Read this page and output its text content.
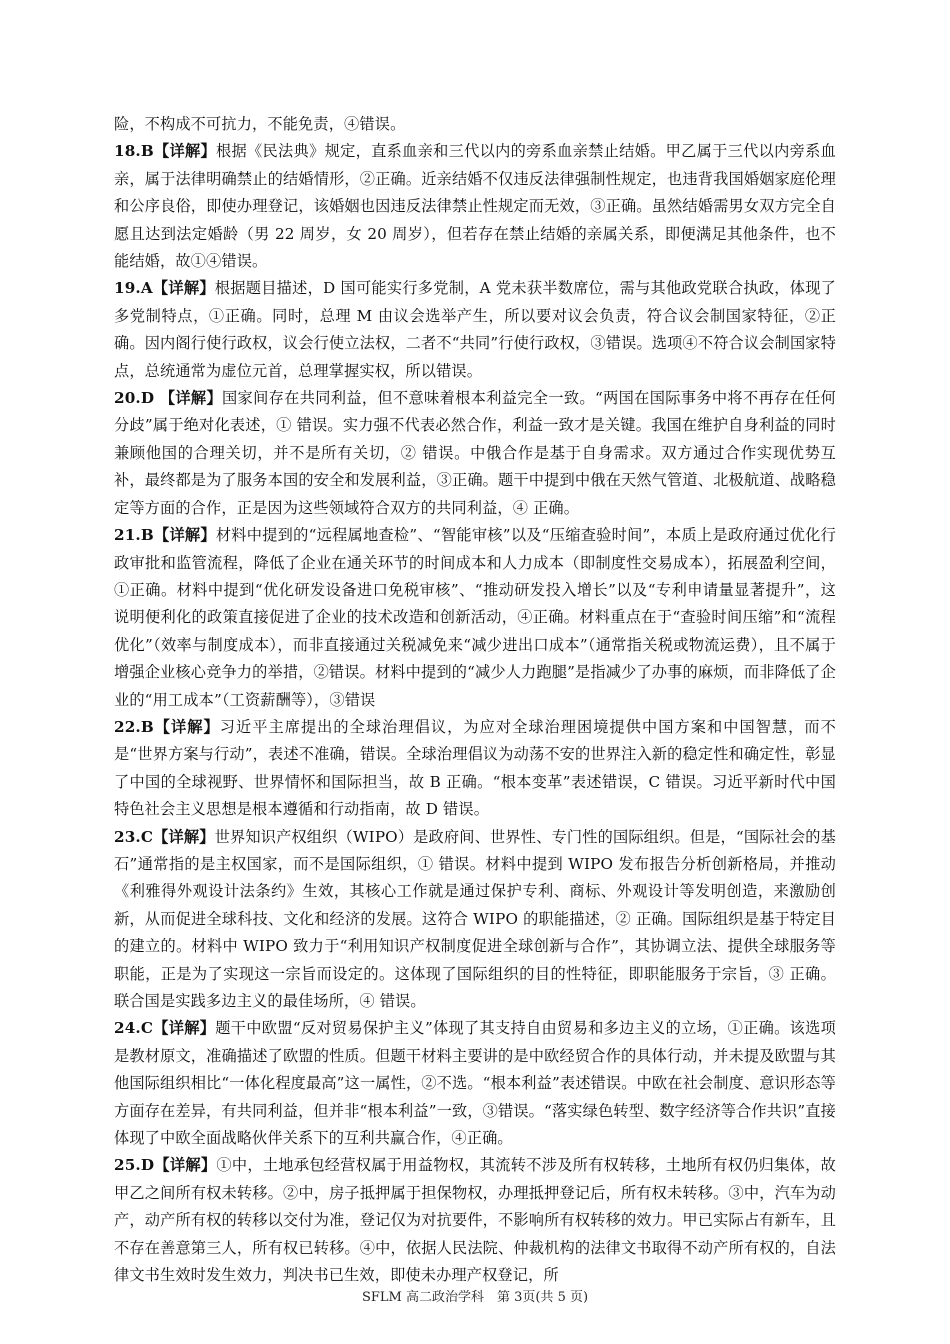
险，不构成不可抗力，不能免责，④错误。

18.B【详解】根据《民法典》规定，直系血亲和三代以内的旁系血亲禁止结婚。甲乙属于三代以内旁系血亲，属于法律明确禁止的结婚情形，②正确。近亲结婚不仅违反法律强制性规定，也违背我国婚姻家庭伦理和公序良俗，即使办理登记，该婚姻也因违反法律禁止性规定而无效，③正确。虽然结婚需男女双方完全自愿且达到法定婚龄（男 22 周岁，女 20 周岁），但若存在禁止结婚的亲属关系，即便满足其他条件，也不能结婚，故①④错误。

19.A【详解】根据题目描述，D 国可能实行多党制，A 党未获半数席位，需与其他政党联合执政，体现了多党制特点，①正确。同时，总理 M 由议会选举产生，所以要对议会负责，符合议会制国家特征，②正确。因内阁行使行政权，议会行使立法权，二者不“共同”行使行政权，③错误。选项④不符合议会制国家特点，总统通常为虚位元首，总理掌握实权，所以错误。

20.D 【详解】国家间存在共同利益，但不意味着根本利益完全一致。“两国在国际事务中将不再存在任何分歧”属于绝对化表述，① 错误。实力强不代表必然合作，利益一致才是关键。我国在维护自身利益的同时兼顾他国的合理关切，并不是所有关切，② 错误。中俄合作是基于自身需求。双方通过合作实现优势互补，最终都是为了服务本国的安全和发展利益，③正确。题干中提到中俄在天然气管道、北极航道、战略稳定等方面的合作，正是因为这些领域符合双方的共同利益，④ 正确。

21.B【详解】材料中提到的“远程属地查检”、“智能审核”以及“压缩查验时间”，本质上是政府通过优化行政审批和监管流程，降低了企业在通关环节的时间成本和人力成本（即制度性交易成本），拓展盈利空间，①正确。材料中提到“优化研发设备进口免税审核”、“推动研发投入增长”以及“专利申请量显著提升”，这说明便利化的政策直接促进了企业的技术改造和创新活动，④正确。材料重点在于“查验时间压缩”和“流程优化”（效率与制度成本），而非直接通过关税减免来“减少进出口成本”（通常指关税或物流运费），且不属于增强企业核心竞争力的举措，②错误。材料中提到的“减少人力跑腿”是指减少了办事的麻烦，而非降低了企业的“用工成本”（工资薪酬等），③错误

22.B【详解】习近平主席提出的全球治理倡议，为应对全球治理困境提供中国方案和中国智慧，而不是“世界方案与行动”，表述不准确，错误。全球治理倡议为动荡不安的世界注入新的稳定性和确定性，彰显了中国的全球视野、世界情怀和国际担当，故 B 正确。“根本变革”表述错误，C 错误。习近平新时代中国特色社会主义思想是根本遵循和行动指南，故 D 错误。

23.C【详解】世界知识产权组织（WIPO）是政府间、世界性、专门性的国际组织。但是，“国际社会的基石”通常指的是主权国家，而不是国际组织，① 错误。材料中提到 WIPO 发布报告分析创新格局，并推动《利雅得外观设计法条约》生效，其核心工作就是通过保护专利、商标、外观设计等发明创造，来激励创新，从而促进全球科技、文化和经济的发展。这符合 WIPO 的职能描述，② 正确。国际组织是基于特定目的建立的。材料中 WIPO 致力于“利用知识产权制度促进全球创新与合作”，其协调立法、提供全球服务等职能，正是为了实现这一宗旨而设定的。这体现了国际组织的目的性特征，即职能服务于宗旨，③ 正确。联合国是实践多边主义的最佳场所，④ 错误。

24.C【详解】题干中欧盟“反对贸易保护主义”体现了其支持自由贸易和多边主义的立场，①正确。该选项是教材原文，准确描述了欧盟的性质。但题干材料主要讲的是中欧经贸合作的具体行动，并未提及欧盟与其他国际组织相比“一体化程度最高”这一属性，②不选。“根本利益”表述错误。中欧在社会制度、意识形态等方面存在差异，有共同利益，但并非“根本利益”一致，③错误。“落实绿色转型、数字经济等合作共识”直接体现了中欧全面战略伙伴关系下的互利共赢合作，④正确。

25.D【详解】①中，土地承包经营权属于用益物权，其流转不涉及所有权转移，土地所有权仍归集体，故甲乙之间所有权未转移。②中，房子抵押属于担保物权，办理抵押登记后，所有权未转移。③中，汽车为动产，动产所有权的转移以交付为准，登记仅为对抗要件，不影响所有权转移的效力。甲已实际占有新车，且不存在善意第三人，所有权已转移。④中，依据人民法院、仲裁机构的法律文书取得不动产所有权的，自法律文书生效时发生效力，判决书已生效，即使未办理产权登记，所

SFLM 高二政治学科　第 3页(共 5 页)
